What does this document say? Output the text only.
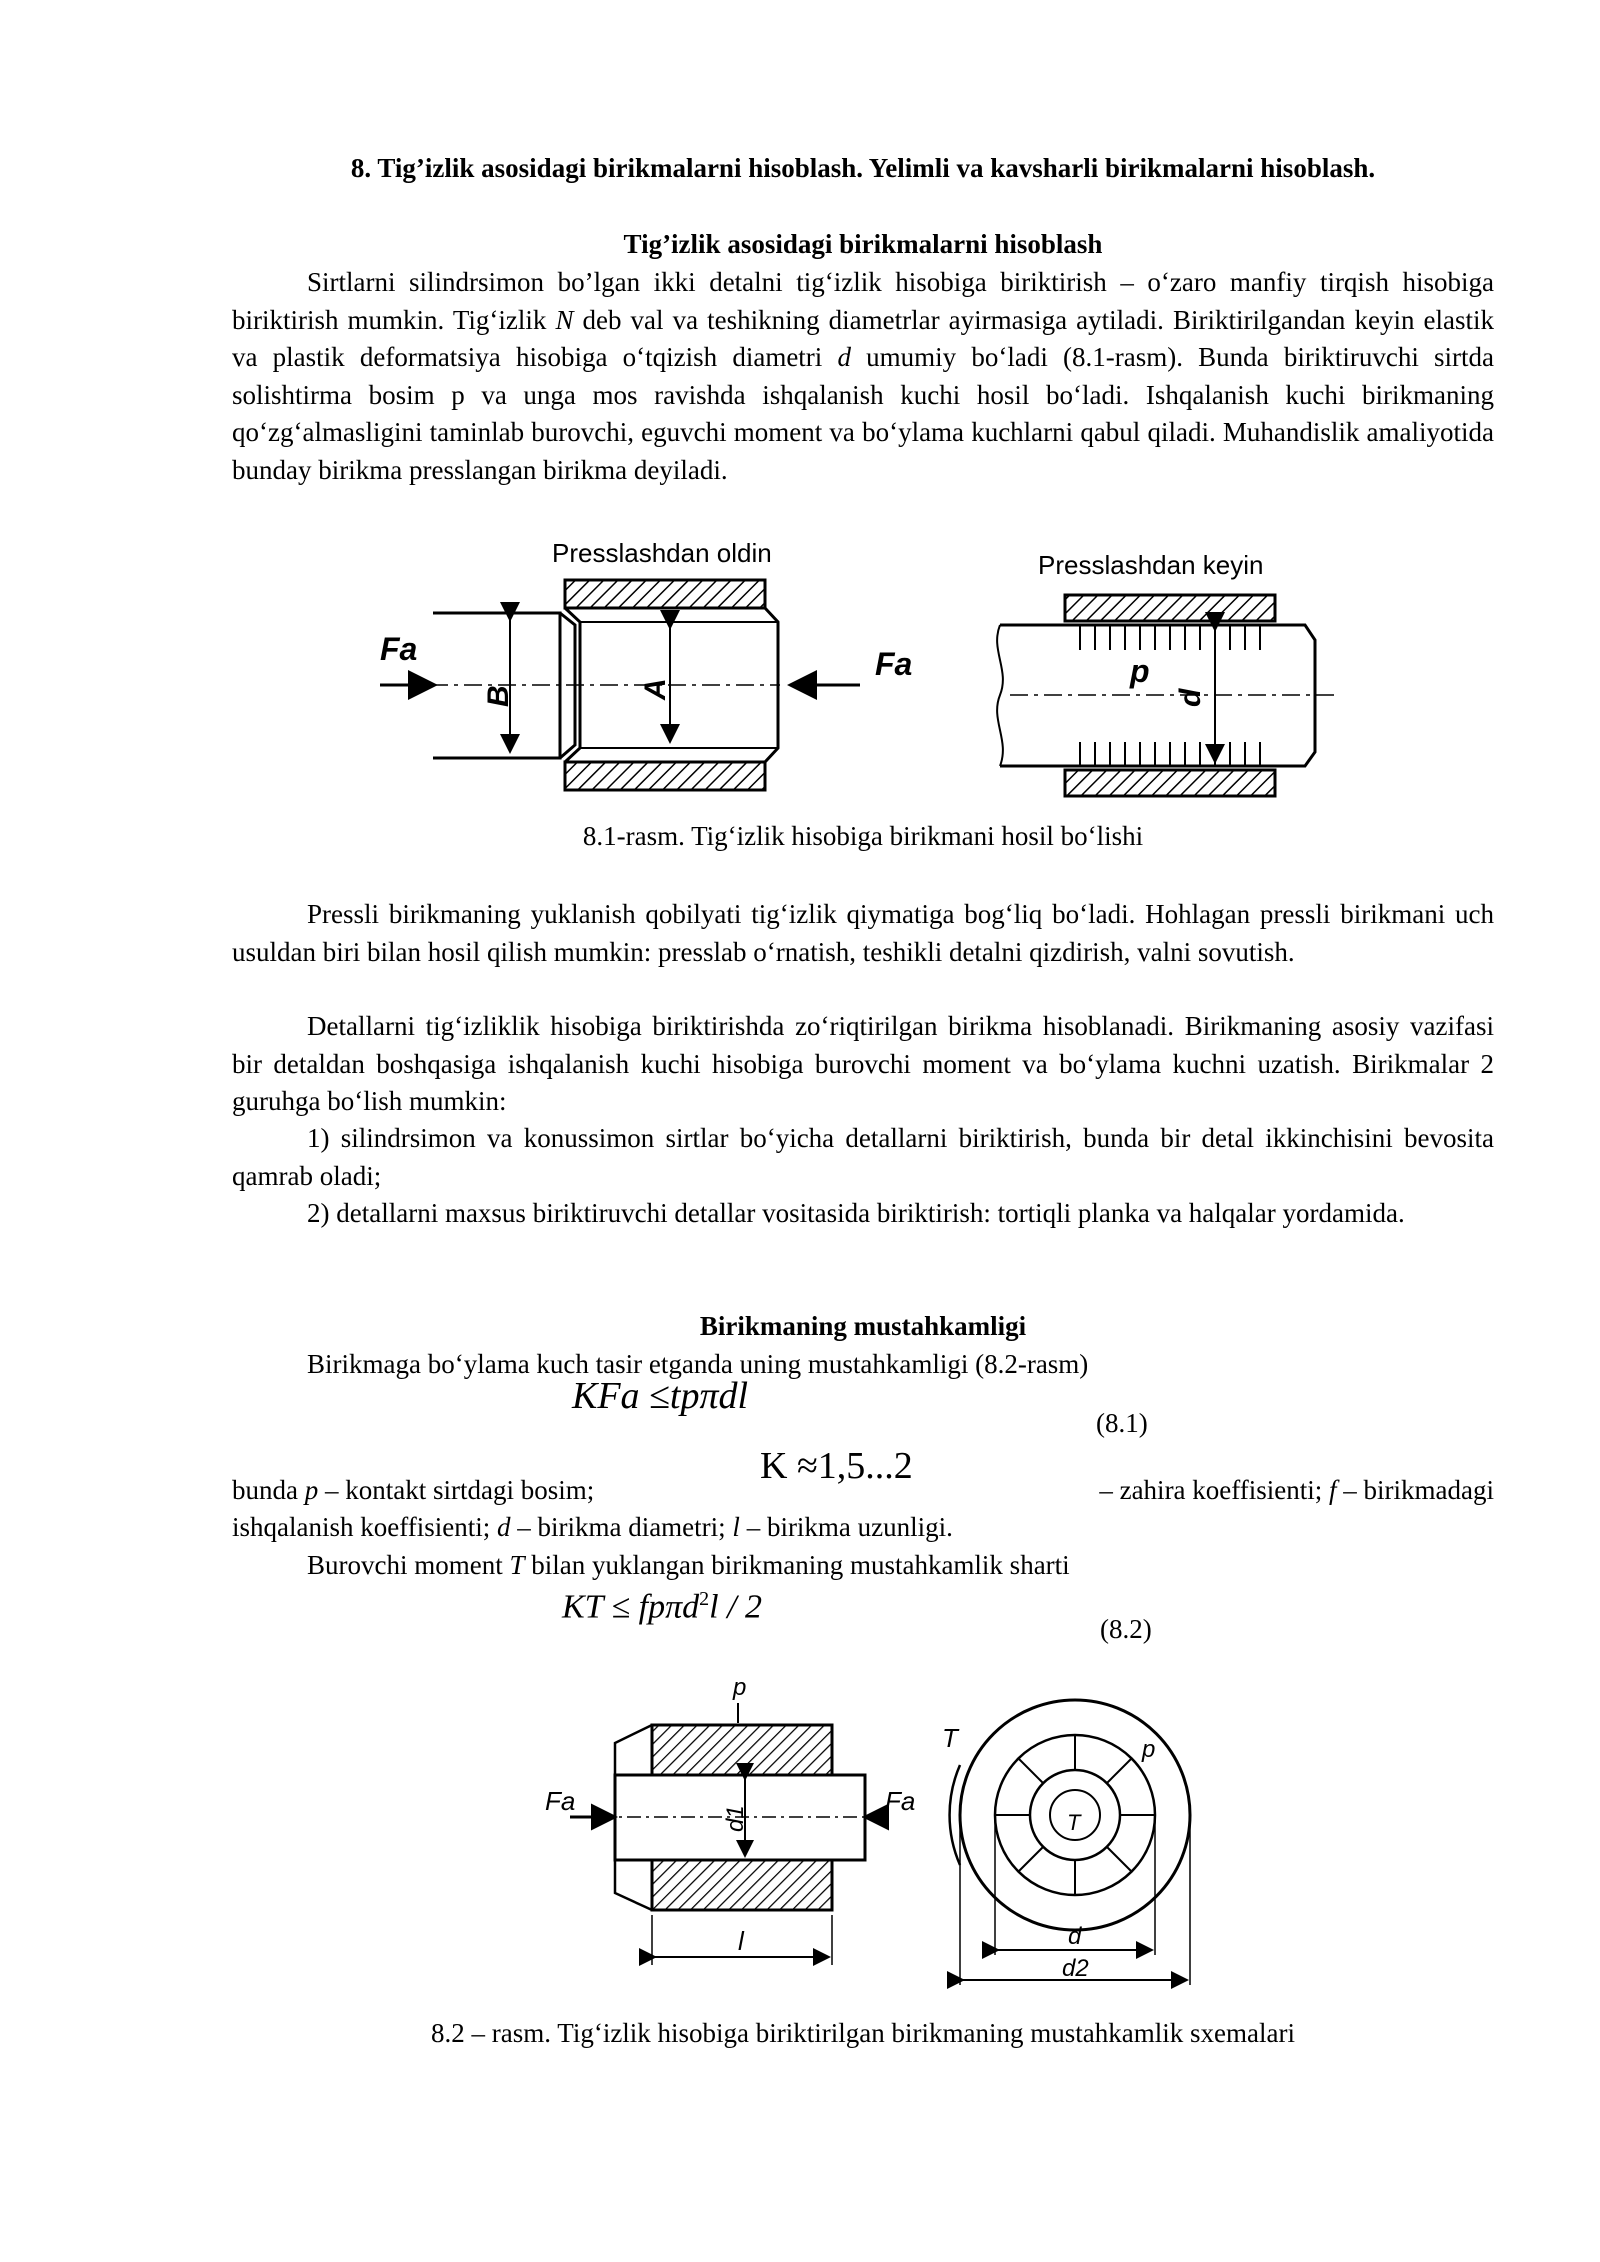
8. Tig’izlik asosidagi birikmalarni hisoblash. Yelimli va kavsharli birikmalarni hisoblash.
Tig’izlik asosidagi birikmalarni hisoblash
Sirtlarni silindrsimon bo’lgan ikki detalni tig‘izlik hisobiga biriktirish – o‘zaro manfiy tirqish hisobiga biriktirish mumkin. Tig‘izlik N deb val va teshikning diametrlar ayirmasiga aytiladi. Biriktirilgandan keyin elastik va plastik deformatsiya hisobiga o‘tqizish diametri d umumiy bo‘ladi (8.1-rasm). Bunda biriktiruvchi sirtda solishtirma bosim p va unga mos ravishda ishqalanish kuchi hosil bo‘ladi. Ishqalanish kuchi birikmaning qo‘zg‘almasligini taminlab burovchi, eguvchi moment va bo‘ylama kuchlarni qabul qiladi. Muhandislik amaliyotida bunday birikma presslangan birikma deyiladi.
Presslashdan oldin	Presslashdan keyin
B
Fa
A
Fa	p
d
8.1-rasm. Tig‘izlik hisobiga birikmani hosil bo‘lishi
Pressli birikmaning yuklanish qobilyati tig‘izlik qiymatiga bog‘liq bo‘ladi. Hohlagan pressli birikmani uch usuldan biri bilan hosil qilish mumkin: presslab o‘rnatish, teshikli detalni qizdirish, valni sovutish.
Detallarni tig‘izliklik hisobiga biriktirishda zo‘riqtirilgan birikma hisoblanadi. Birikmaning asosiy vazifasi bir detaldan boshqasiga ishqalanish kuchi hisobiga burovchi moment va bo‘ylama kuchni uzatish. Birikmalar 2 guruhga bo‘lish mumkin:
1) silindrsimon va konussimon sirtlar bo‘yicha detallarni biriktirish, bunda bir detal ikkinchisini bevosita qamrab oladi;
2) detallarni maxsus biriktiruvchi detallar vositasida biriktirish: tortiqli planka va halqalar yordamida.
Birikmaning mustahkamligi
Birikmaga bo‘ylama kuch tasir etganda uning mustahkamligi (8.2-rasm)
KFa ≤tpπdl
(8.1)
K ≈1,5...2
bunda p – kontakt sirtdagi bosim;	– zahira koeffisienti; f – birikmadagi
ishqalanish koeffisienti; d – birikma diametri; l – birikma uzunligi.
Burovchi moment T bilan yuklangan birikmaning mustahkamlik sharti
KT ≤ fpπd$^2$l / 2
(8.2)
p
Fa	Fa
d1
l
T
T
p
d
d2
8.2 – rasm. Tig‘izlik hisobiga biriktirilgan birikmaning mustahkamlik sxemalari
